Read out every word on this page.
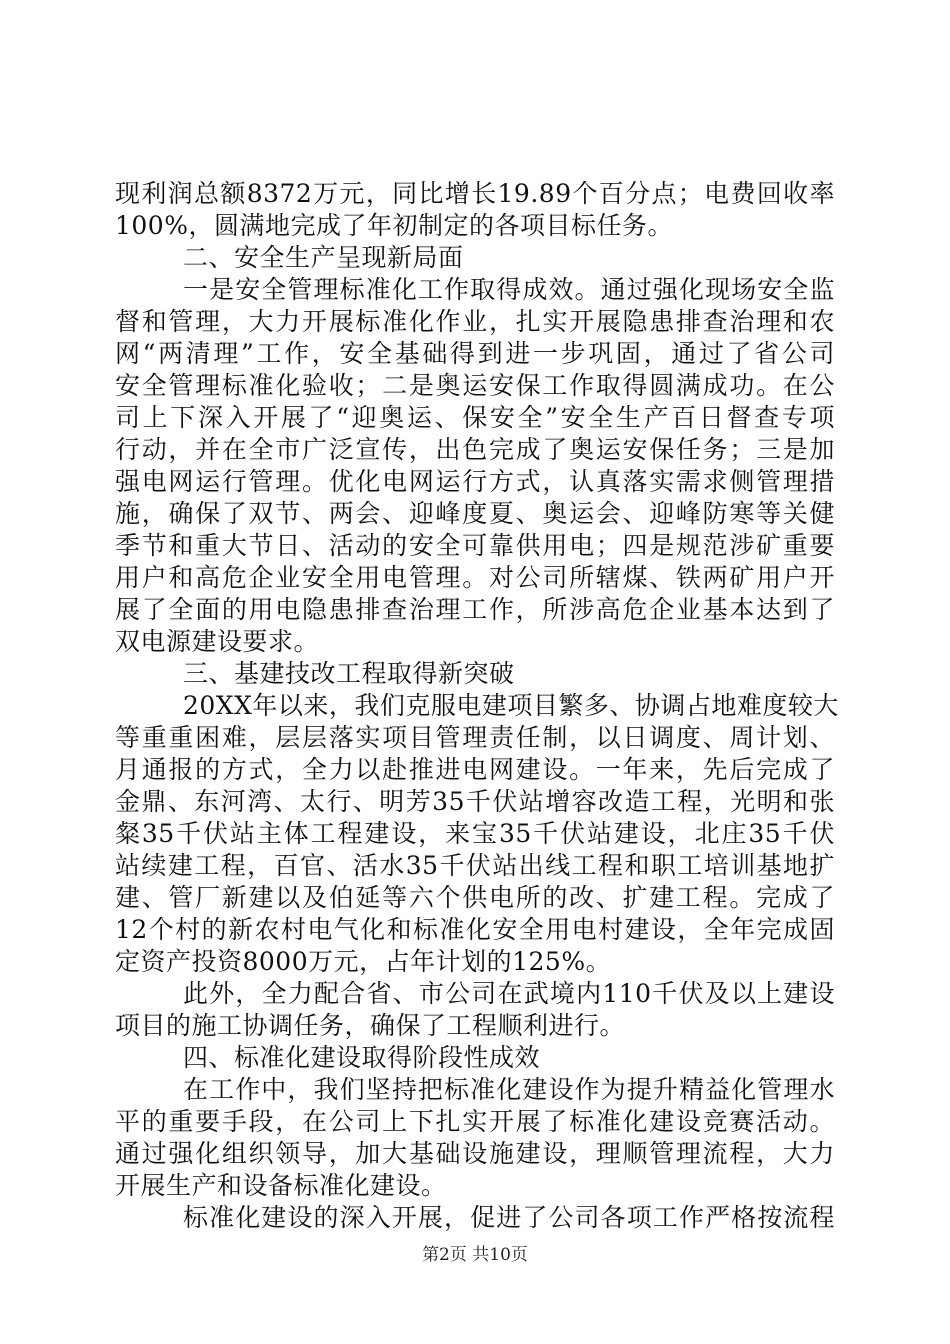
现利润总额8372万元，同比增长19.89个百分点；电费回收率
100%，圆满地完成了年初制定的各项目标任务。
二、安全生产呈现新局面
一是安全管理标准化工作取得成效。通过强化现场安全监
督和管理，大力开展标准化作业，扎实开展隐患排查治理和农
网“两清理”工作，安全基础得到进一步巩固，通过了省公司
安全管理标准化验收；二是奥运安保工作取得圆满成功。在公
司上下深入开展了“迎奥运、保安全”安全生产百日督查专项
行动，并在全市广泛宣传，出色完成了奥运安保任务；三是加
强电网运行管理。优化电网运行方式，认真落实需求侧管理措
施，确保了双节、两会、迎峰度夏、奥运会、迎峰防寒等关健
季节和重大节日、活动的安全可靠供用电；四是规范涉矿重要
用户和高危企业安全用电管理。对公司所辖煤、铁两矿用户开
展了全面的用电隐患排查治理工作，所涉高危企业基本达到了
双电源建设要求。
三、基建技改工程取得新突破
20XX年以来，我们克服电建项目繁多、协调占地难度较大
等重重困难，层层落实项目管理责任制，以日调度、周计划、
月通报的方式，全力以赴推进电网建设。一年来，先后完成了
金鼎、东河湾、太行、明芳35千伏站增容改造工程，光明和张
粲35千伏站主体工程建设，来宝35千伏站建设，北庄35千伏
站续建工程，百官、活水35千伏站出线工程和职工培训基地扩
建、管厂新建以及伯延等六个供电所的改、扩建工程。完成了
12个村的新农村电气化和标准化安全用电村建设，全年完成固
定资产投资8000万元，占年计划的125%。
此外，全力配合省、市公司在武境内110千伏及以上建设
项目的施工协调任务，确保了工程顺利进行。
四、标准化建设取得阶段性成效
在工作中，我们坚持把标准化建设作为提升精益化管理水
平的重要手段，在公司上下扎实开展了标准化建设竞赛活动。
通过强化组织领导，加大基础设施建设，理顺管理流程，大力
开展生产和设备标准化建设。
标准化建设的深入开展，促进了公司各项工作严格按流程
第2页 共10页
